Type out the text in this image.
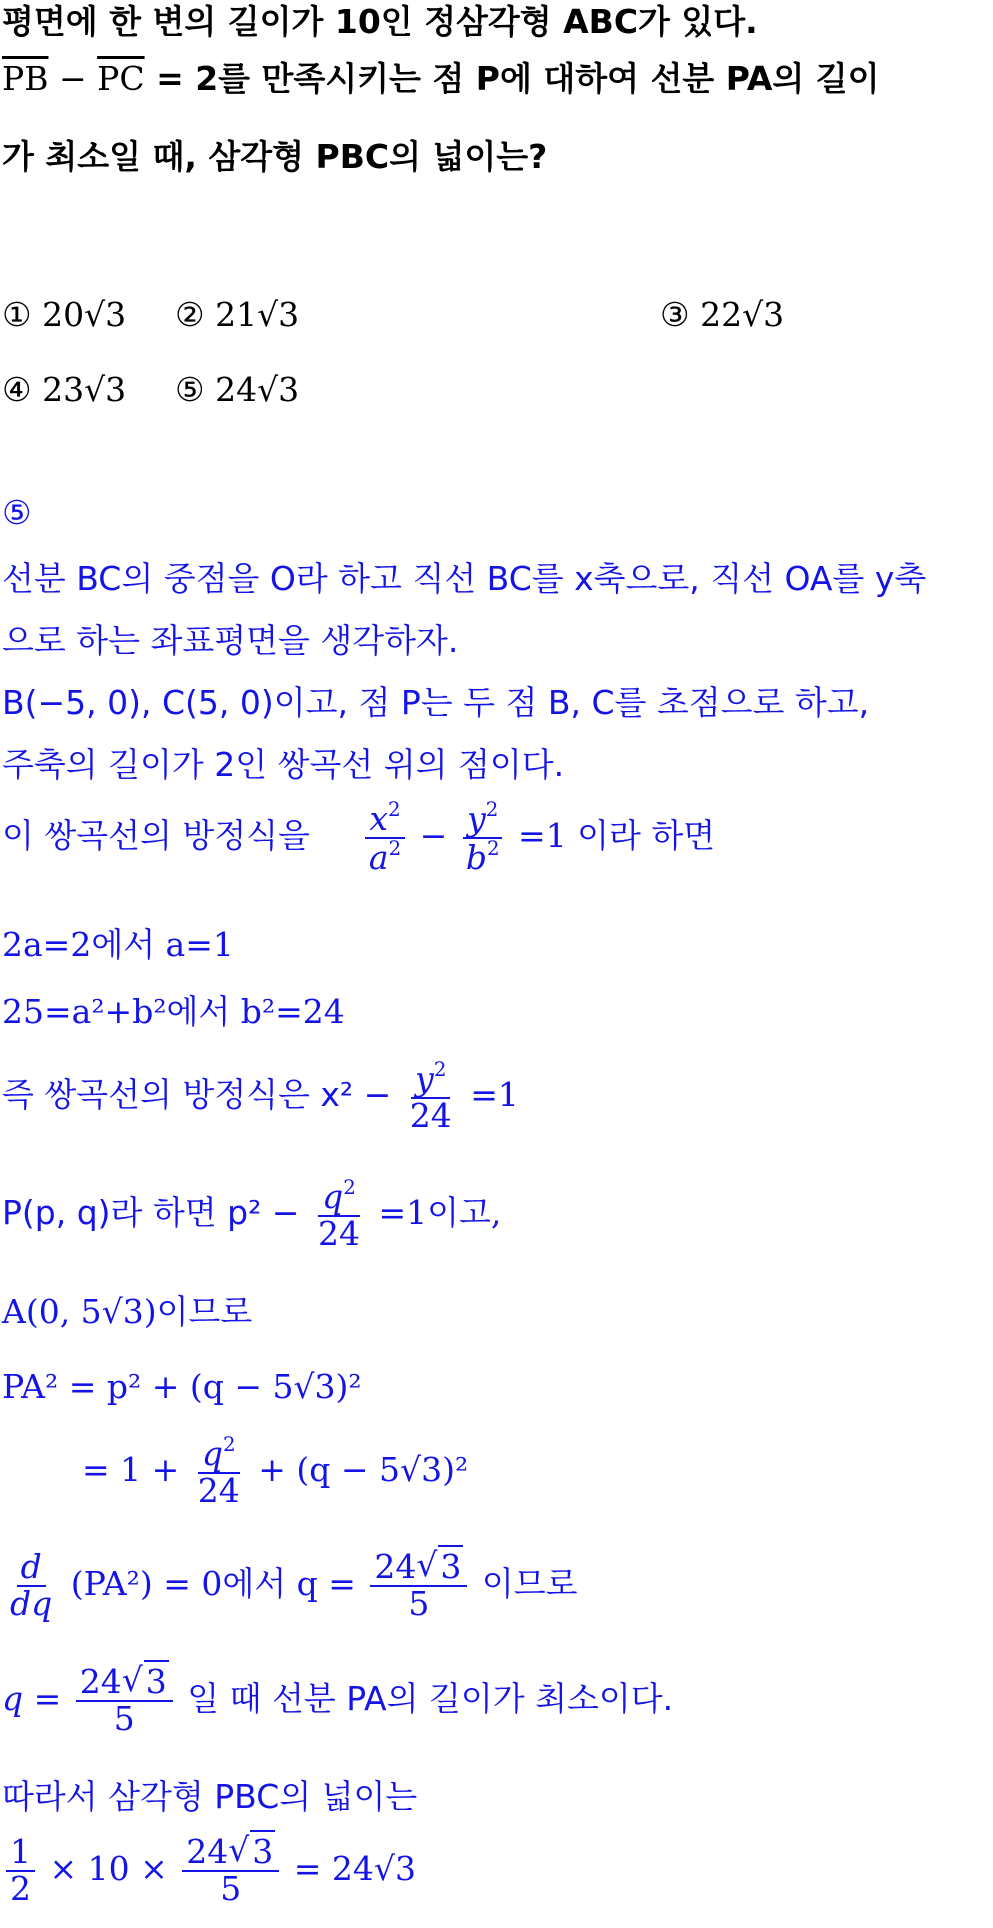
평면에 한 변의 길이가 10인 정삼각형 ABC가 있다.
$\overline{PB} - \overline{PC} = 2$를 만족시키는 점 P에 대하여 선분 PA의 길이
가 최소일 때, 삼각형 PBC의 넓이는?
① 20√3 ② 21√3	③ 22√3
④ 23√3 ⑤ 24√3
⑤
선분 BC의 중점을 O라 하고 직선 BC를 x축으로, 직선 OA를 y축
으로 하는 좌표평면을 생각하자.
B(−5, 0), C(5, 0)이고, 점 P는 두 점 B, C를 초점으로 하고,
주축의 길이가 2인 쌍곡선 위의 점이다.
이 쌍곡선의 방정식을 $\frac{x^2}{a^2} - \frac{y^2}{b^2} =1$ 이라 하면
2a=2에서 a=1
25=a²+b²에서 b²=24
즉 쌍곡선의 방정식은 $x^2 - \frac{y^2}{24} =1$
P(p, q)라 하면 $p^2 - \frac{q^2}{24} =1$이고,
A(0, 5√3)이므로
PA² = p² + (q − 5√3)²
= $1 + \frac{q^2}{24} + (q - 5√3)^2$
$\frac{d}{dq} (PA^2) = 0$에서 $q = \frac{24 √ 3}{5}$ 이므로
$q = \frac{24 √ 3}{5}$ 일 때 선분 PA의 길이가 최소이다.
따라서 삼각형 PBC의 넓이는
$\frac{1}{2} \times 10 \times \frac{24 √ 3}{5} = 24√3$
